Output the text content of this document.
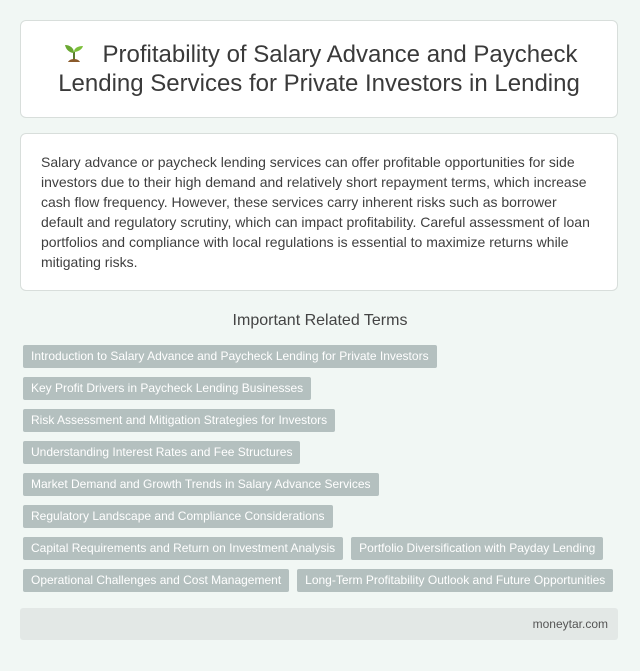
Profitability of Salary Advance and Paycheck Lending Services for Private Investors in Lending

Salary advance or paycheck lending services can offer profitable opportunities for side investors due to their high demand and relatively short repayment terms, which increase cash flow frequency. However, these services carry inherent risks such as borrower default and regulatory scrutiny, which can impact profitability. Careful assessment of loan portfolios and compliance with local regulations is essential to maximize returns while mitigating risks.

Important Related Terms
Introduction to Salary Advance and Paycheck Lending for Private Investors
Key Profit Drivers in Paycheck Lending Businesses
Risk Assessment and Mitigation Strategies for Investors
Understanding Interest Rates and Fee Structures
Market Demand and Growth Trends in Salary Advance Services
Regulatory Landscape and Compliance Considerations
Capital Requirements and Return on Investment Analysis	Portfolio Diversification with Payday Lending
Operational Challenges and Cost Management	Long-Term Profitability Outlook and Future Opportunities
moneytar.com
